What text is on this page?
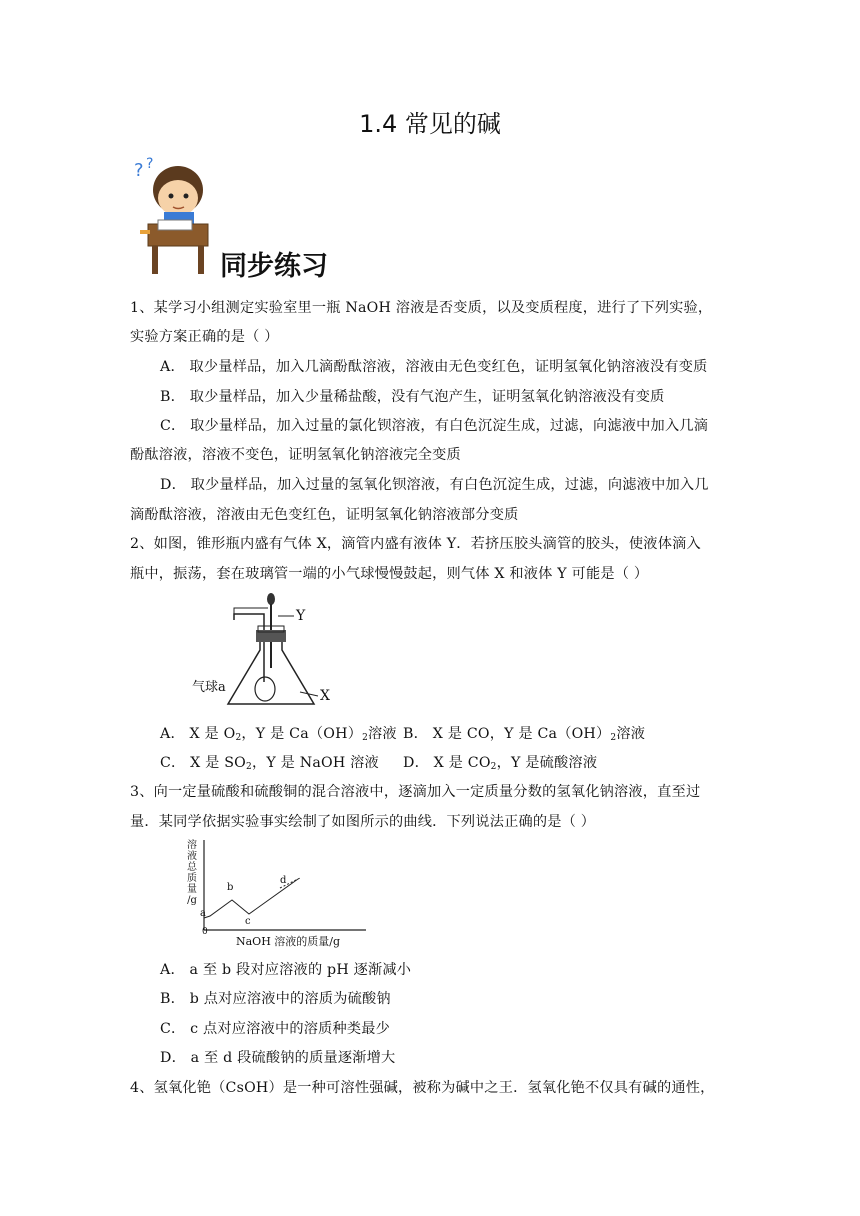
1.4 常见的碱
? ?
同步练习
1、某学习小组测定实验室里一瓶 NaOH 溶液是否变质，以及变质程度，进行了下列实验，
实验方案正确的是（ ）
A． 取少量样品，加入几滴酚酞溶液，溶液由无色变红色，证明氢氧化钠溶液没有变质
B． 取少量样品，加入少量稀盐酸，没有气泡产生，证明氢氧化钠溶液没有变质
C． 取少量样品，加入过量的氯化钡溶液，有白色沉淀生成，过滤，向滤液中加入几滴
酚酞溶液，溶液不变色，证明氢氧化钠溶液完全变质
D． 取少量样品，加入过量的氢氧化钡溶液，有白色沉淀生成，过滤，向滤液中加入几
滴酚酞溶液，溶液由无色变红色，证明氢氧化钠溶液部分变质
2、如图，锥形瓶内盛有气体 X，滴管内盛有液体 Y．若挤压胶头滴管的胶头，使液体滴入
瓶中，振荡，套在玻璃管一端的小气球慢慢鼓起，则气体 X 和液体 Y 可能是（ ）
Y
X
气球a
A． X 是 $O_2$，Y 是 $Ca(OH)_2$溶液 B． X 是 CO，Y 是 $Ca(OH)_2$溶液
C． X 是 $SO_2$，Y 是 NaOH 溶液 D． X 是 $CO_2$，Y 是硫酸溶液
3、向一定量硫酸和硫酸铜的混合溶液中，逐滴加入一定质量分数的氢氧化钠溶液，直至过
量．某同学依据实验事实绘制了如图所示的曲线．下列说法正确的是（ ）
溶
液
总
质
量
/g
a
b
c
d
0
NaOH 溶液的质量/g
A． a 至 b 段对应溶液的 pH 逐渐减小
B． b 点对应溶液中的溶质为硫酸钠
C． c 点对应溶液中的溶质种类最少
D． a 至 d 段硫酸钠的质量逐渐增大
4、氢氧化铯（CsOH）是一种可溶性强碱，被称为碱中之王．氢氧化铯不仅具有碱的通性，
